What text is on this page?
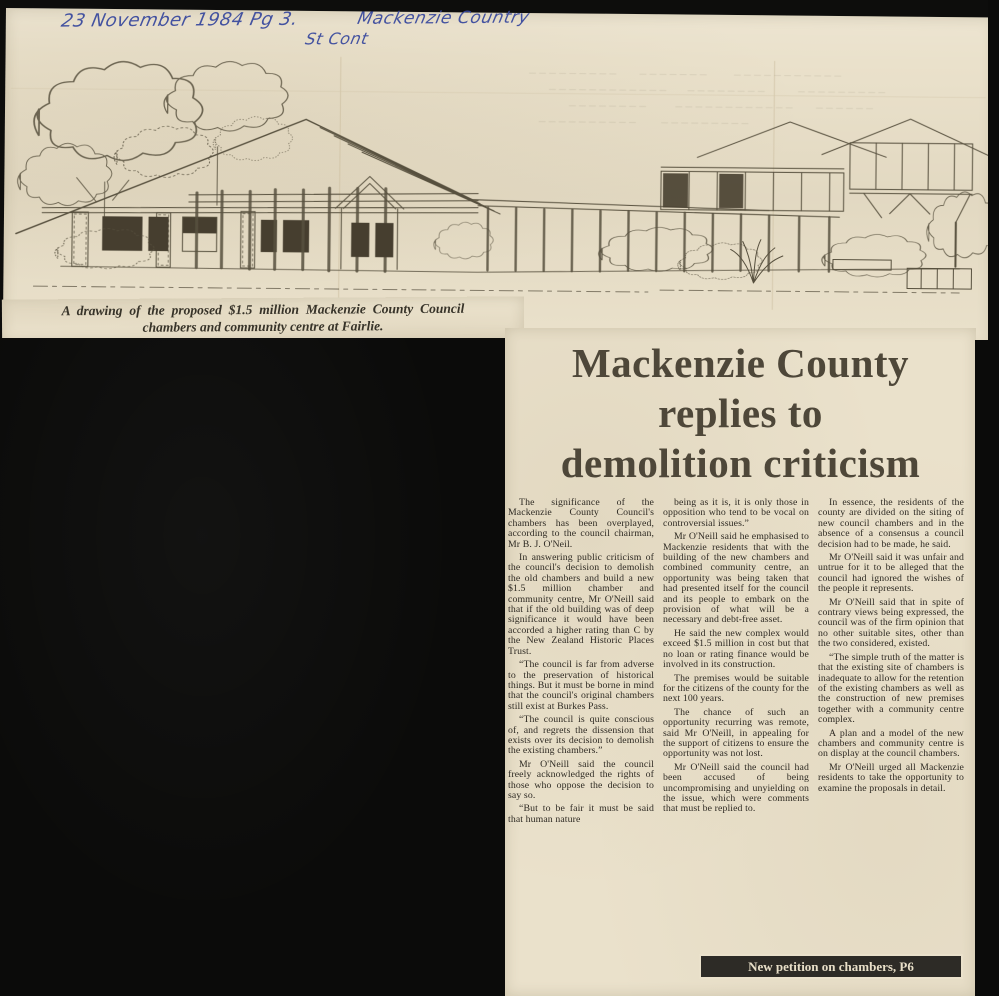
23 November 1984 Pg 3.	Mackenzie Country
St Cont
A drawing of the proposed $1.5 million Mackenzie County Council
chambers and community centre at Fairlie.
Mackenzie County
replies to
demolition criticism

The significance of the Mackenzie County Council's chambers has been overplayed, according to the council chairman, Mr B. J. O'Neil.

In answering public criticism of the council's decision to demolish the old chambers and build a new $1.5 million chamber and community centre, Mr O'Neill said that if the old building was of deep significance it would have been accorded a higher rating than C by the New Zealand Historic Places Trust.

“The council is far from adverse to the preservation of historical things. But it must be borne in mind that the council's original chambers still exist at Burkes Pass.

“The council is quite conscious of, and regrets the dissension that exists over its decision to demolish the existing chambers.”

Mr O'Neill said the council freely acknowledged the rights of those who oppose the decision to say so.

“But to be fair it must be said that human nature

being as it is, it is only those in opposition who tend to be vocal on controversial issues.”

Mr O'Neill said he emphasised to Mackenzie residents that with the building of the new chambers and combined community centre, an opportunity was being taken that had presented itself for the council and its people to embark on the provision of what will be a necessary and debt-free asset.

He said the new complex would exceed $1.5 million in cost but that no loan or rating finance would be involved in its construction.

The premises would be suitable for the citizens of the county for the next 100 years.

The chance of such an opportunity recurring was remote, said Mr O'Neill, in appealing for the support of citizens to ensure the opportunity was not lost.

Mr O'Neill said the council had been accused of being uncompromising and unyielding on the issue, which were comments that must be replied to.

In essence, the residents of the county are divided on the siting of new council chambers and in the absence of a consensus a council decision had to be made, he said.

Mr O'Neill said it was unfair and untrue for it to be alleged that the council had ignored the wishes of the people it represents.

Mr O'Neill said that in spite of contrary views being expressed, the council was of the firm opinion that no other suitable sites, other than the two considered, existed.

“The simple truth of the matter is that the existing site of chambers is inadequate to allow for the retention of the existing chambers as well as the construction of new premises together with a community centre complex.

A plan and a model of the new chambers and community centre is on display at the council chambers.

Mr O'Neill urged all Mackenzie residents to take the opportunity to examine the proposals in detail.

New petition on chambers, P6
